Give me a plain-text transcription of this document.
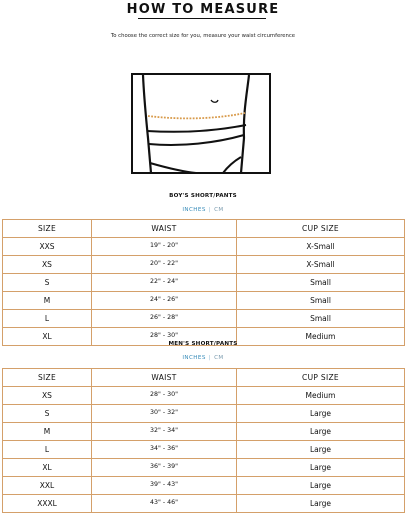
HOW TO MEASURE
To choose the correct size for you, measure your waist circumference
BOY'S SHORT/PANTS
INCHES | CM
SIZE	WAIST	CUP SIZE
XXS	19" - 20"	X-Small
XS	20" - 22"	X-Small
S	22" - 24"	Small
M	24" - 26"	Small
L	26" - 28"	Small
XL	28" - 30"	Medium
MEN'S SHORT/PANTS
INCHES | CM
SIZE	WAIST	CUP SIZE
XS	28" - 30"	Medium
S	30" - 32"	Large
M	32" - 34"	Large
L	34" - 36"	Large
XL	36" - 39"	Large
XXL	39" - 43"	Large
XXXL	43" - 46"	Large
